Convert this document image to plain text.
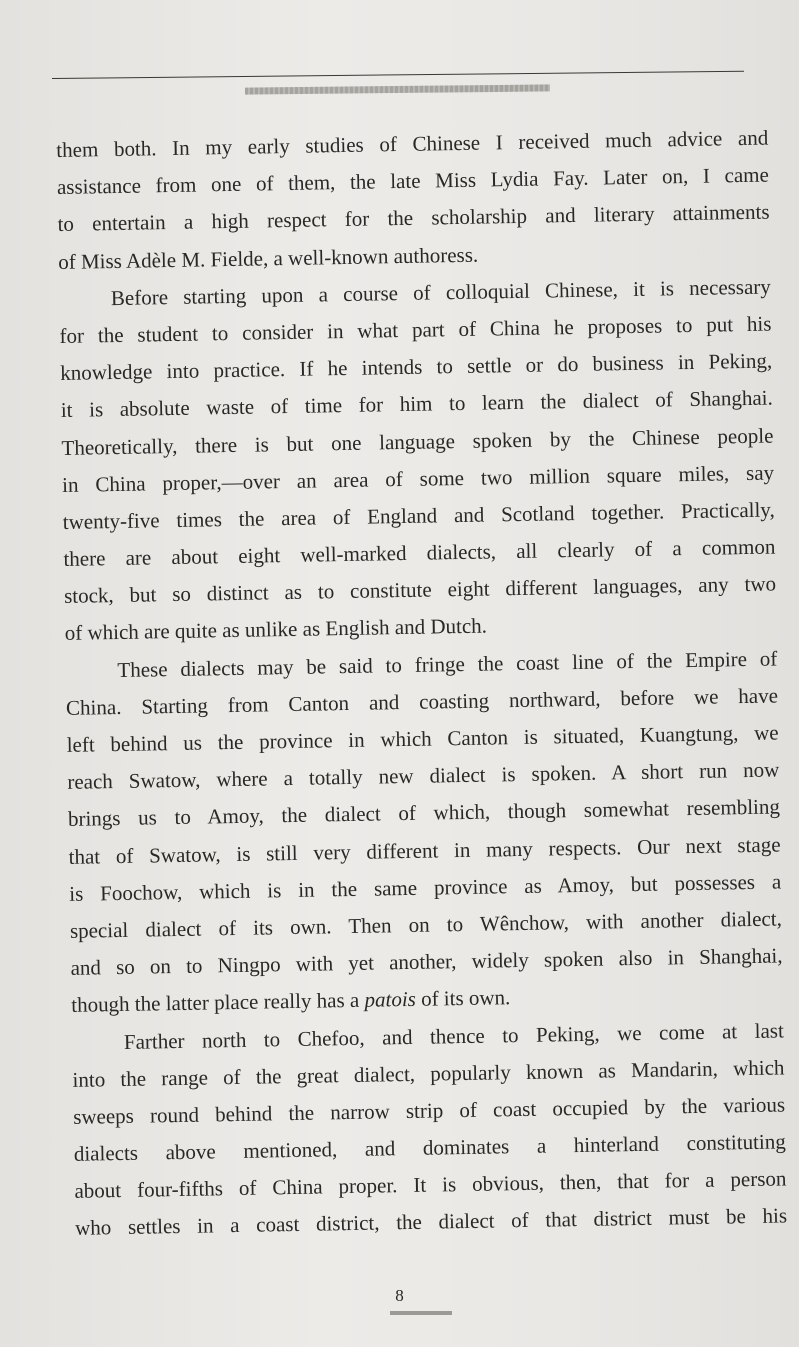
them both. In my early studies of Chinese I received much advice and
assistance from one of them, the late Miss Lydia Fay. Later on, I came
to entertain a high respect for the scholarship and literary attainments
of Miss Adèle M. Fielde, a well-known authoress.
Before starting upon a course of colloquial Chinese, it is necessary
for the student to consider in what part of China he proposes to put his
knowledge into practice. If he intends to settle or do business in Peking,
it is absolute waste of time for him to learn the dialect of Shanghai.
Theoretically, there is but one language spoken by the Chinese people
in China proper,—over an area of some two million square miles, say
twenty-five times the area of England and Scotland together. Practically,
there are about eight well-marked dialects, all clearly of a common
stock, but so distinct as to constitute eight different languages, any two
of which are quite as unlike as English and Dutch.
These dialects may be said to fringe the coast line of the Empire of
China. Starting from Canton and coasting northward, before we have
left behind us the province in which Canton is situated, Kuangtung, we
reach Swatow, where a totally new dialect is spoken. A short run now
brings us to Amoy, the dialect of which, though somewhat resembling
that of Swatow, is still very different in many respects. Our next stage
is Foochow, which is in the same province as Amoy, but possesses a
special dialect of its own. Then on to Wênchow, with another dialect,
and so on to Ningpo with yet another, widely spoken also in Shanghai,
though the latter place really has a patois of its own.
Farther north to Chefoo, and thence to Peking, we come at last
into the range of the great dialect, popularly known as Mandarin, which
sweeps round behind the narrow strip of coast occupied by the various
dialects above mentioned, and dominates a hinterland constituting
about four-fifths of China proper. It is obvious, then, that for a person
who settles in a coast district, the dialect of that district must be his
8
